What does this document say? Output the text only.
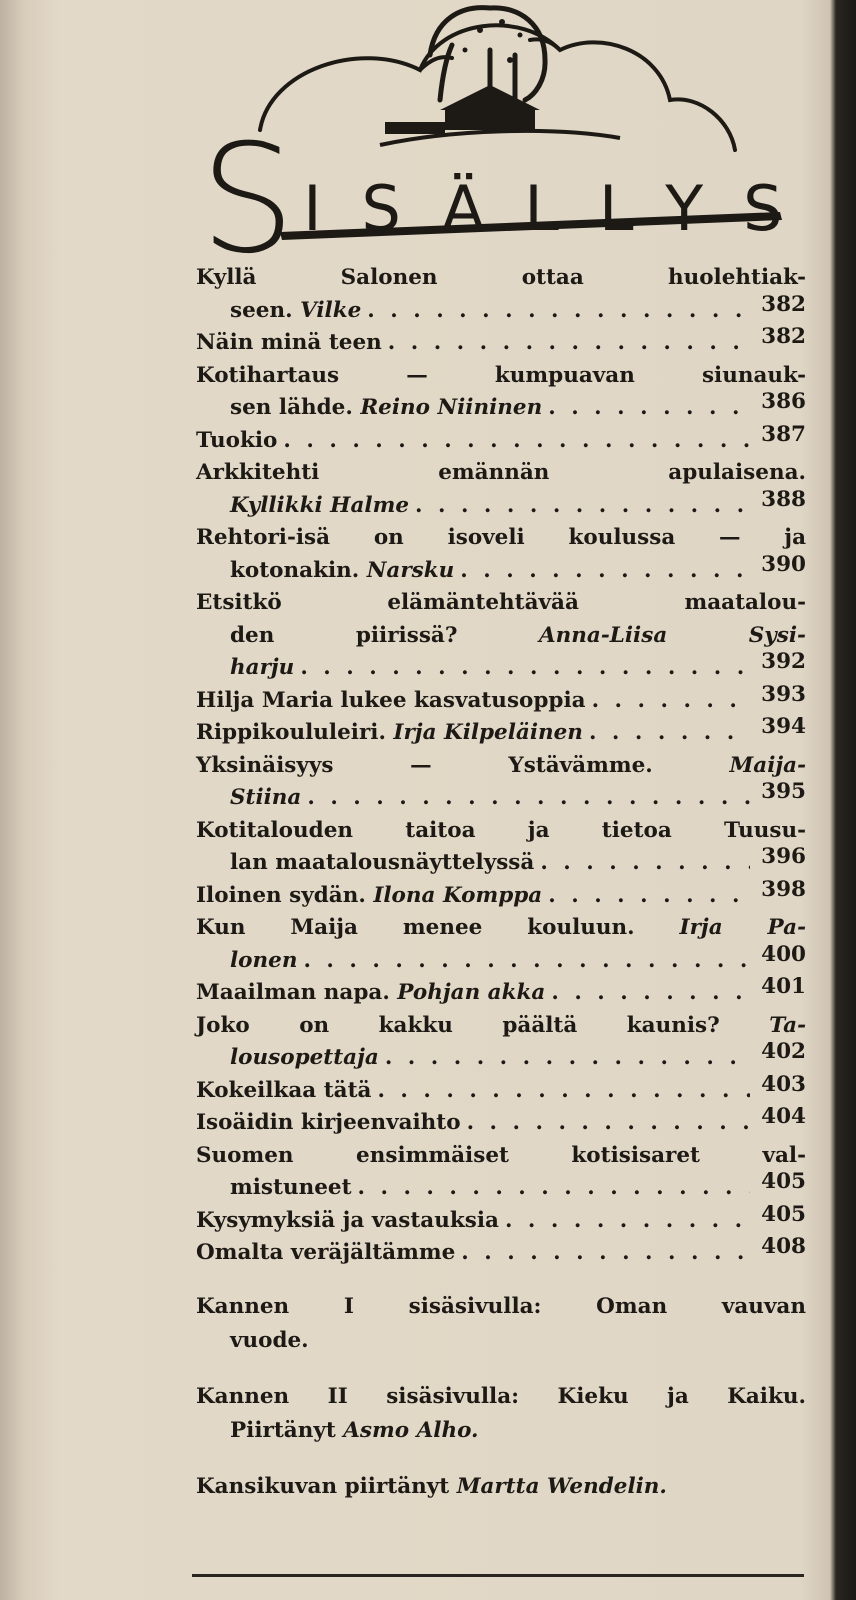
S ISÄLLYS
Kyllä Salonen ottaa huolehtiak-
seen. Vilke . . .	382
Näin minä teen . . .	382
Kotihartaus — kumpuavan siunauk-
sen lähde. Reino Niininen . . .	386
Tuokio . . .	387
Arkkitehti emännän apulaisena.
Kyllikki Halme . . .	388
Rehtori-isä on isoveli koulussa — ja
kotonakin. Narsku . . .	390
Etsitkö elämäntehtävää maatalou-
den piirissä? Anna-Liisa Sysi-
harju . . .	392
Hilja Maria lukee kasvatusoppia . . .	393
Rippikoululeiri. Irja Kilpeläinen . . .	394
Yksinäisyys — Ystävämme. Maija-
Stiina . . .	395
Kotitalouden taitoa ja tietoa Tuusu-
lan maatalousnäyttelyssä . . .	396
Iloinen sydän. Ilona Komppa . . .	398
Kun Maija menee kouluun. Irja Pa-
lonen . . .	400
Maailman napa. Pohjan akka . . .	401
Joko on kakku päältä kaunis? Ta-
lousopettaja . . .	402
Kokeilkaa tätä . . .	403
Isoäidin kirjeenvaihto . . .	404
Suomen ensimmäiset kotisisaret val-
mistuneet . . .	405
Kysymyksiä ja vastauksia . . .	405
Omalta veräjältämme . . .	408
Kannen I sisäsivulla: Oman vauvan
vuode.
Kannen II sisäsivulla: Kieku ja Kaiku.
Piirtänyt Asmo Alho.
Kansikuvan piirtänyt Martta Wendelin.
